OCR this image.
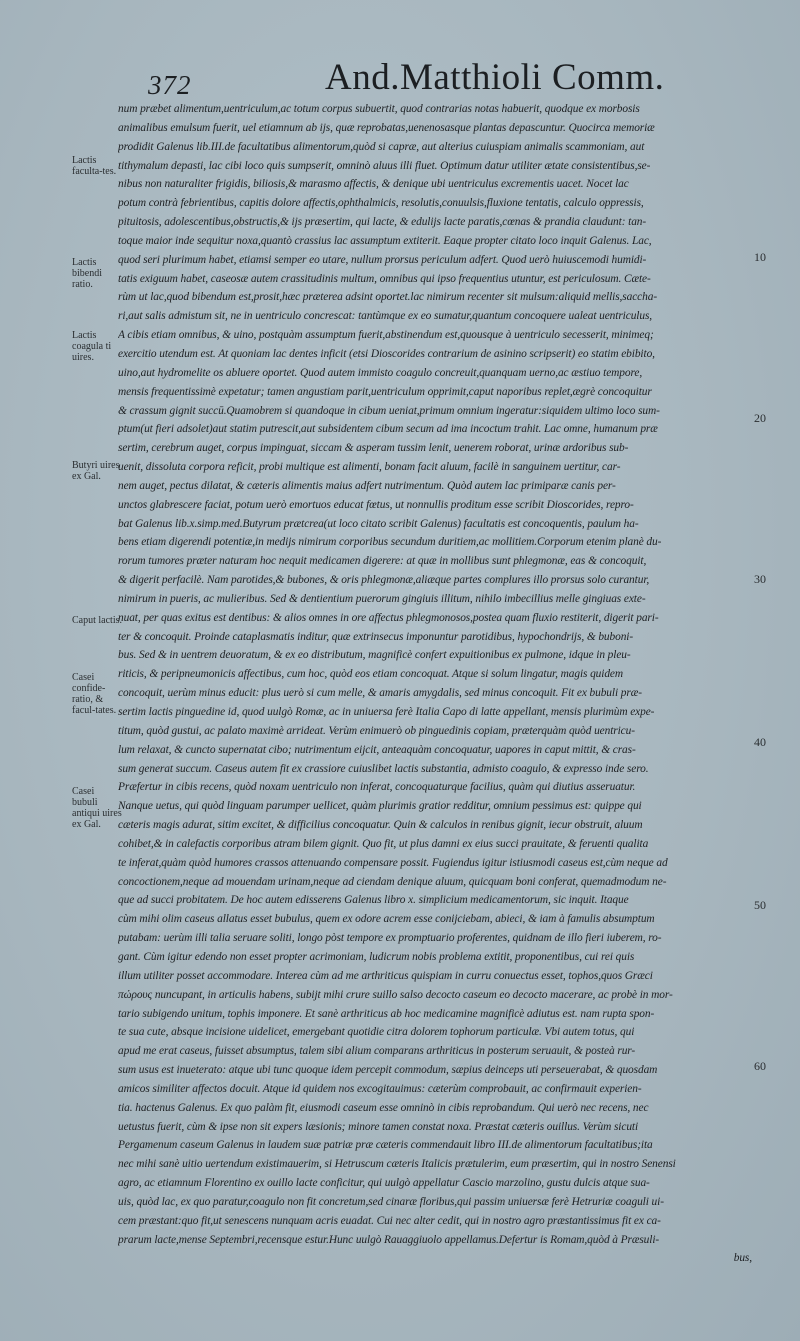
372	And.Matthioli Comm.
Lactis faculta-tes.
Lactis bibendi ratio.
Lactis coagula ti uires.
Butyri uires ex Gal.
Caput lactis.
Casei confide-ratio, & facul-tates.
Casei bubuli antiqui uires ex Gal.
10
20
30
40
50
60
num præbet alimentum,uentriculum,ac totum corpus subuertit, quod contrarias notas habuerit, quodque ex morbosis
animalibus emulsum fuerit, uel etiamnum ab ijs, quæ reprobatas,uenenosasque plantas depascuntur. Quocirca memoriæ
prodidit Galenus lib.III.de facultatibus alimentorum,quòd si capræ, aut alterius cuiuspiam animalis scammoniam, aut
tithymalum depasti, lac cibi loco quis sumpserit, omninò aluus illi fluet. Optimum datur utiliter ætate consistentibus,se-
nibus non naturaliter frigidis, biliosis,& marasmo affectis, & denique ubi uentriculus excrementis uacet. Nocet lac
potum contrà febrientibus, capitis dolore affectis,ophthalmicis, resolutis,conuulsis,fluxione tentatis, calculo oppressis,
pituitosis, adolescentibus,obstructis,& ijs præsertim, qui lacte, & edulijs lacte paratis,cœnas & prandia claudunt: tan-
toque maior inde sequitur noxa,quantò crassius lac assumptum extiterit. Eaque propter citato loco inquit Galenus. Lac,
quod seri plurimum habet, etiamsi semper eo utare, nullum prorsus periculum adfert. Quod uerò huiuscemodi humidi-
tatis exiguum habet, caseosæ autem crassitudinis multum, omnibus qui ipso frequentius utuntur, est periculosum. Cæte-
rùm ut lac,quod bibendum est,prosit,hæc præterea adsint oportet.lac nimirum recenter sit mulsum:aliquid mellis,saccha-
ri,aut salis admistum sit, ne in uentriculo concrescat: tantùmque ex eo sumatur,quantum concoquere ualeat uentriculus,
A cibis etiam omnibus, & uino, postquàm assumptum fuerit,abstinendum est,quousque à uentriculo secesserit, minimeq;
exercitio utendum est. At quoniam lac dentes inficit (etsi Dioscorides contrarium de asinino scripserit) eo statim ebibito,
uino,aut hydromelite os abluere oportet. Quod autem immisto coagulo concreuit,quanquam uerno,ac æstiuo tempore,
mensis frequentissimè expetatur; tamen angustiam parit,uentriculum opprimit,caput naporibus replet,ægrè concoquitur
& crassum gignit succū.Quamobrem si quandoque in cibum ueniat,primum omnium ingeratur:siquidem ultimo loco sum-
ptum(ut fieri adsolet)aut statim putrescit,aut subsidentem cibum secum ad ima incoctum trahit. Lac omne, humanum præ
sertim, cerebrum auget, corpus impinguat, siccam & asperam tussim lenit, uenerem roborat, urinæ ardoribus sub-
uenit, dissoluta corpora reficit, probi multique est alimenti, bonam facit aluum, facilè in sanguinem uertitur, car-
nem auget, pectus dilatat, & cæteris alimentis maius adfert nutrimentum. Quòd autem lac primiparæ canis per-
unctos glabrescere faciat, potum uerò emortuos educat fœtus, ut nonnullis proditum esse scribit Dioscorides, repro-
bat Galenus lib.x.simp.med.Butyrum prætcrea(ut loco citato scribit Galenus) facultatis est concoquentis, paulum ha-
bens etiam digerendi potentiæ,in medijs nimirum corporibus secundum duritiem,ac mollitiem.Corporum etenim planè du-
rorum tumores præter naturam hoc nequit medicamen digerere: at quæ in mollibus sunt phlegmonæ, eas & concoquit,
& digerit perfacilè. Nam parotides,& bubones, & oris phlegmonæ,aliæque partes complures illo prorsus solo curantur,
nimirum in pueris, ac mulieribus. Sed & dentientium puerorum gingiuis illitum, nihilo imbecillius melle gingiuas exte-
nuat, per quas exitus est dentibus: & alios omnes in ore affectus phlegmonosos,postea quam fluxio restiterit, digerit pari-
ter & concoquit. Proinde cataplasmatis inditur, quæ extrinsecus imponuntur parotidibus, hypochondrijs, & buboni-
bus. Sed & in uentrem deuoratum, & ex eo distributum, magnificè confert expuitionibus ex pulmone, idque in pleu-
riticis, & peripneumonicis affectibus, cum hoc, quòd eos etiam concoquat. Atque si solum lingatur, magis quidem
concoquit, uerùm minus educit: plus uerò si cum melle, & amaris amygdalis, sed minus concoquit. Fit ex bubuli præ-
sertim lactis pinguedine id, quod uulgò Romæ, ac in uniuersa ferè Italia Capo di latte appellant, mensis plurimùm expe-
titum, quòd gustui, ac palato maximè arrideat. Verùm enimuerò ob pinguedinis copiam, præterquàm quòd uentricu-
lum relaxat, & cuncto supernatat cibo; nutrimentum eijcit, anteaquàm concoquatur, uapores in caput mittit, & cras-
sum generat succum. Caseus autem fit ex crassiore cuiuslibet lactis substantia, admisto coagulo, & expresso inde sero.
Præfertur in cibis recens, quòd noxam uentriculo non inferat, concoquaturque facilius, quàm qui diutius asseruatur.
Nanque uetus, qui quòd linguam parumper uellicet, quàm plurimis gratior redditur, omnium pessimus est: quippe qui
cæteris magis adurat, sitim excitet, & difficilius concoquatur. Quin & calculos in renibus gignit, iecur obstruit, aluum
cohibet,& in calefactis corporibus atram bilem gignit. Quo fit, ut plus damni ex eius succi prauitate, & feruenti qualita
te inferat,quàm quòd humores crassos attenuando compensare possit. Fugiendus igitur istiusmodi caseus est,cùm neque ad
concoctionem,neque ad mouendam urinam,neque ad ciendam denique aluum, quicquam boni conferat, quemadmodum ne-
que ad succi probitatem. De hoc autem edisserens Galenus libro x. simplicium medicamentorum, sic inquit. Itaque
cùm mihi olim caseus allatus esset bubulus, quem ex odore acrem esse conijciebam, abieci, & iam à famulis absumptum
putabam: uerùm illi talia seruare soliti, longo pòst tempore ex promptuario proferentes, quidnam de illo fieri iuberem, ro-
gant. Cùm igitur edendo non esset propter acrimoniam, ludicrum nobis problema extitit, proponentibus, cui rei quis
illum utiliter posset accommodare. Interea cùm ad me arthriticus quispiam in curru conuectus esset, tophos,quos Græci
πώρους nuncupant, in articulis habens, subijt mihi crure suillo salso decocto caseum eo decocto macerare, ac probè in mor-
tario subigendo unitum, tophis imponere. Et sanè arthriticus ab hoc medicamine magnificè adiutus est. nam rupta spon-
te sua cute, absque incisione uidelicet, emergebant quotidie citra dolorem tophorum particulæ. Vbi autem totus, qui
apud me erat caseus, fuisset absumptus, talem sibi alium comparans arthriticus in posterum seruauit, & posteà rur-
sum usus est inueterato: atque ubi tunc quoque idem percepit commodum, sæpius deinceps uti perseuerabat, & quosdam
amicos similiter affectos docuit. Atque id quidem nos excogitauimus: cæterùm comprobauit, ac confirmauit experien-
tia. hactenus Galenus. Ex quo palàm fit, eiusmodi caseum esse omninò in cibis reprobandum. Qui uerò nec recens, nec
uetustus fuerit, cùm & ipse non sit expers læsionis; minore tamen constat noxa. Præstat cæteris ouillus. Verùm sicuti
Pergamenum caseum Galenus in laudem suæ patriæ præ cæteris commendauit libro III.de alimentorum facultatibus;ita
nec mihi sanè uitio uertendum existimauerim, si Hetruscum cæteris Italicis prætulerim, eum præsertim, qui in nostro Senensi
agro, ac etiamnum Florentino ex ouillo lacte conficitur, qui uulgò appellatur Cascio marzolino, gustu dulcis atque sua-
uis, quòd lac, ex quo paratur,coagulo non fit concretum,sed cinaræ floribus,qui passim uniuersæ ferè Hetruriæ coaguli ui-
cem præstant:quo fit,ut senescens nunquam acris euadat. Cui nec alter cedit, qui in nostro agro præstantissimus fit ex ca-
prarum lacte,mense Septembri,recensque estur.Hunc uulgò Rauaggiuolo appellamus.Defertur is Romam,quòd à Præsuli-
bus,
